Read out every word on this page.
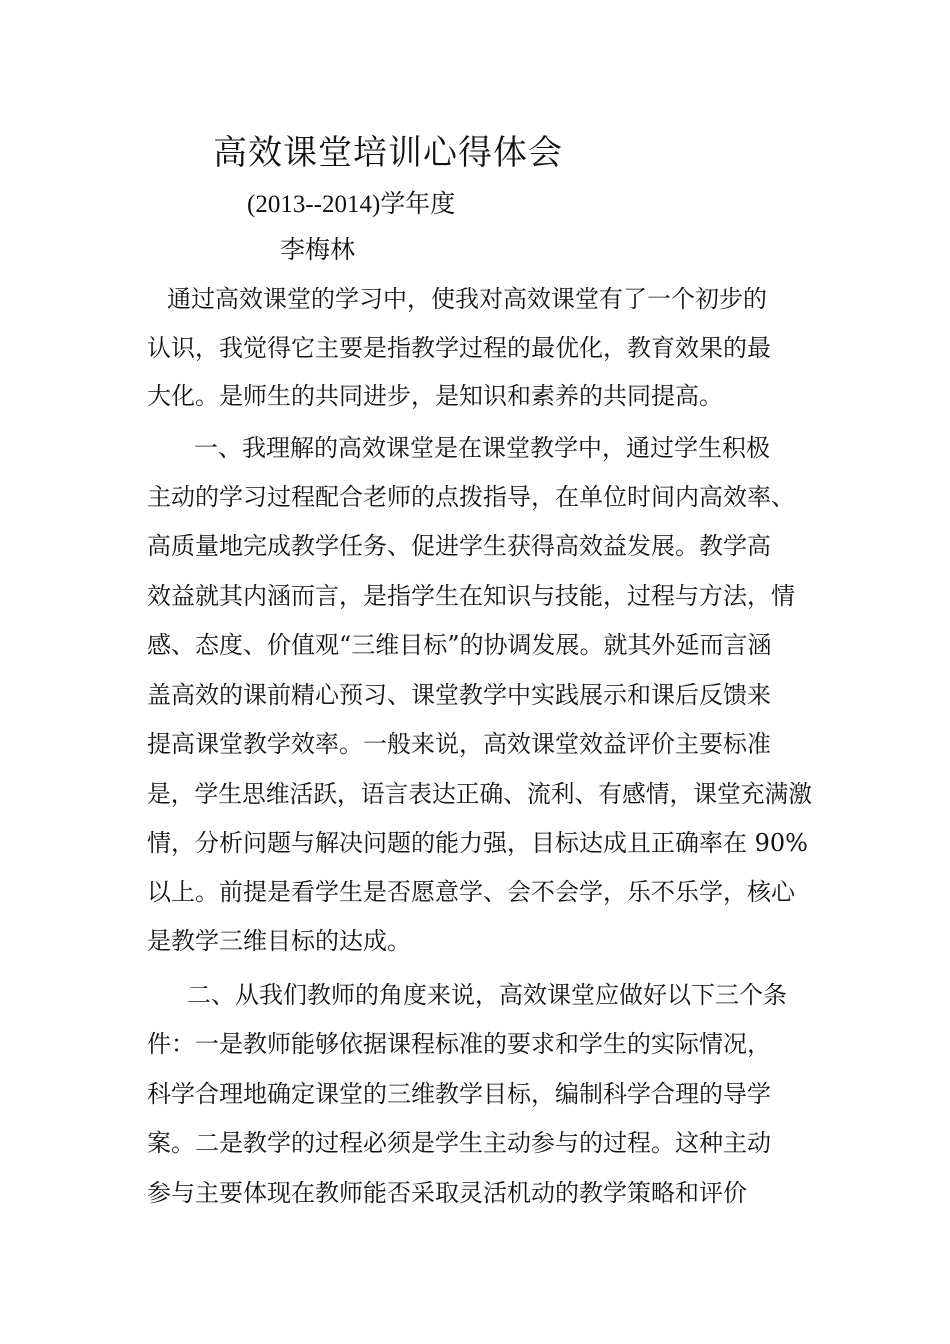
高效课堂培训心得体会
(2013--2014)学年度
李梅林
通过高效课堂的学习中，使我对高效课堂有了一个初步的
认识，我觉得它主要是指教学过程的最优化，教育效果的最
大化。是师生的共同进步，是知识和素养的共同提高。
一、我理解的高效课堂是在课堂教学中，通过学生积极
主动的学习过程配合老师的点拨指导，在单位时间内高效率、
高质量地完成教学任务、促进学生获得高效益发展。教学高
效益就其内涵而言，是指学生在知识与技能，过程与方法，情
感、态度、价值观“三维目标”的协调发展。就其外延而言涵
盖高效的课前精心预习、课堂教学中实践展示和课后反馈来
提高课堂教学效率。一般来说，高效课堂效益评价主要标准
是，学生思维活跃，语言表达正确、流利、有感情，课堂充满激
情，分析问题与解决问题的能力强，目标达成且正确率在 90%
以上。前提是看学生是否愿意学、会不会学，乐不乐学，核心
是教学三维目标的达成。
二、从我们教师的角度来说，高效课堂应做好以下三个条
件：一是教师能够依据课程标准的要求和学生的实际情况，
科学合理地确定课堂的三维教学目标，编制科学合理的导学
案。二是教学的过程必须是学生主动参与的过程。这种主动
参与主要体现在教师能否采取灵活机动的教学策略和评价
